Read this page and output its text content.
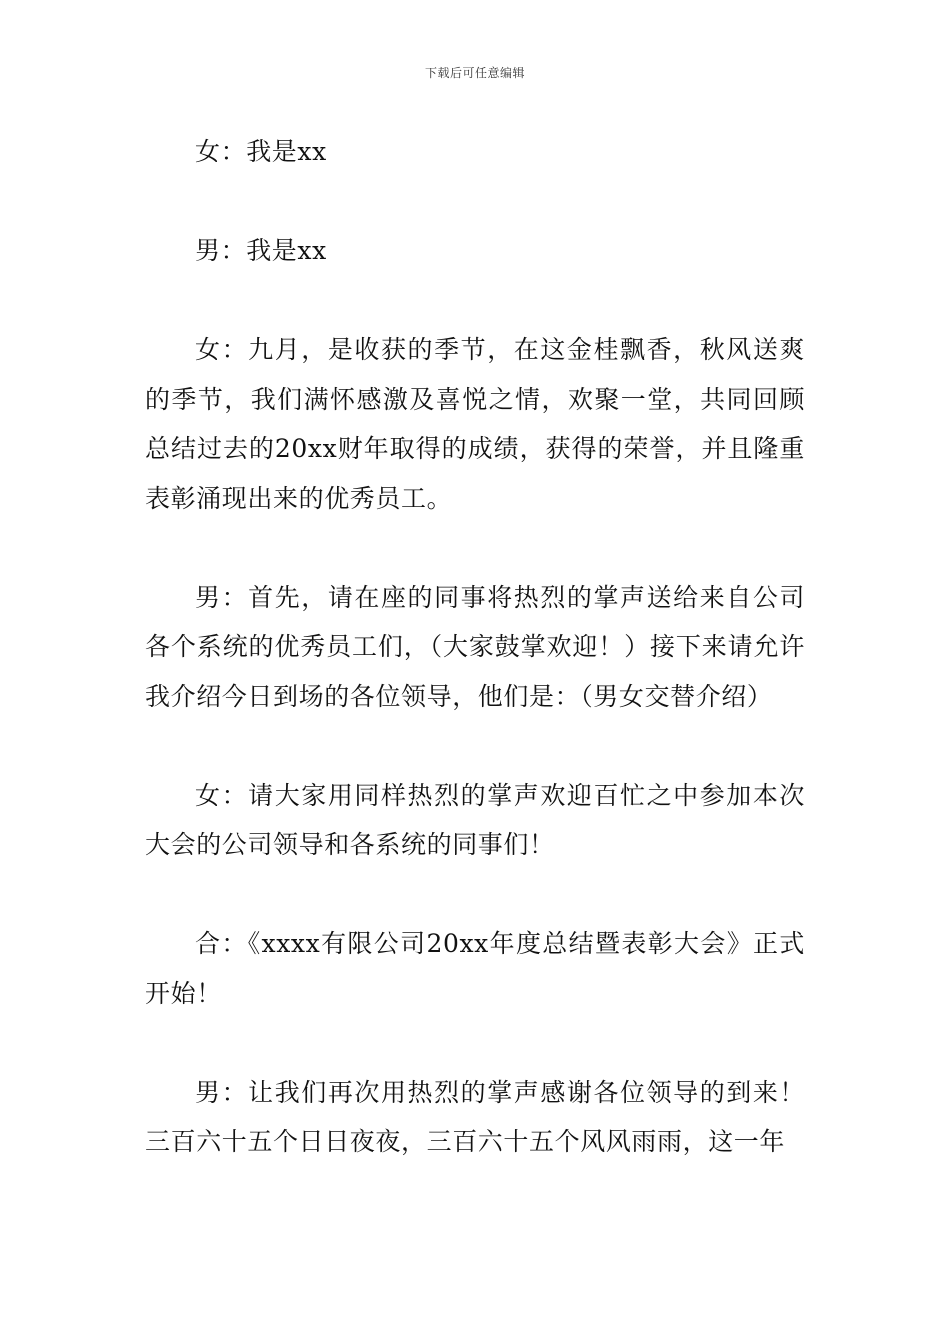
下载后可任意编辑

女：我是xx

男：我是xx

女：九月，是收获的季节，在这金桂飘香，秋风送爽的季节，我们满怀感激及喜悦之情，欢聚一堂，共同回顾总结过去的20xx财年取得的成绩，获得的荣誉，并且隆重表彰涌现出来的优秀员工。

男：首先，请在座的同事将热烈的掌声送给来自公司各个系统的优秀员工们，（大家鼓掌欢迎！）接下来请允许我介绍今日到场的各位领导，他们是：（男女交替介绍）

女：请大家用同样热烈的掌声欢迎百忙之中参加本次大会的公司领导和各系统的同事们！

合：《xxxx有限公司20xx年度总结暨表彰大会》正式开始！

男：让我们再次用热烈的掌声感谢各位领导的到来！三百六十五个日日夜夜，三百六十五个风风雨雨，这一年
